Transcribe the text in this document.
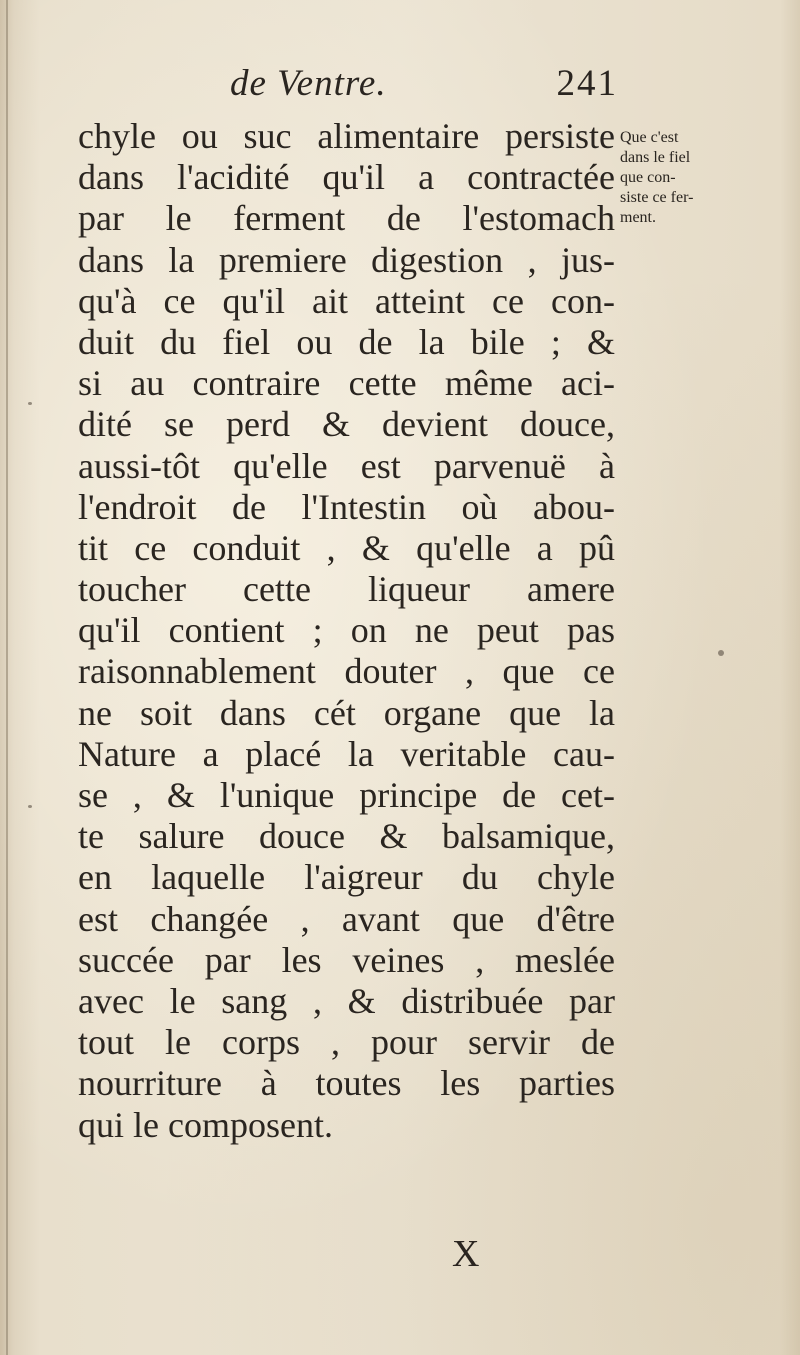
de Ventre.	241
chyle ou suc alimentaire persiste
dans l'acidité qu'il a contractée
par le ferment de l'estomach
dans la premiere digestion , jus-
qu'à ce qu'il ait atteint ce con-
duit du fiel ou de la bile ; &
si au contraire cette même aci-
dité se perd & devient douce,
aussi-tôt qu'elle est parvenuë à
l'endroit de l'Intestin où abou-
tit ce conduit , & qu'elle a pû
toucher cette liqueur amere
qu'il contient ; on ne peut pas
raisonnablement douter , que ce
ne soit dans cét organe que la
Nature a placé la veritable cau-
se , & l'unique principe de cet-
te salure douce & balsamique,
en laquelle l'aigreur du chyle
est changée , avant que d'être
succée par les veines , meslée
avec le sang , & distribuée par
tout le corps , pour servir de
nourriture à toutes les parties
qui le composent.
Que c'est
dans le fiel
que con-
siste ce fer-
ment.
X
